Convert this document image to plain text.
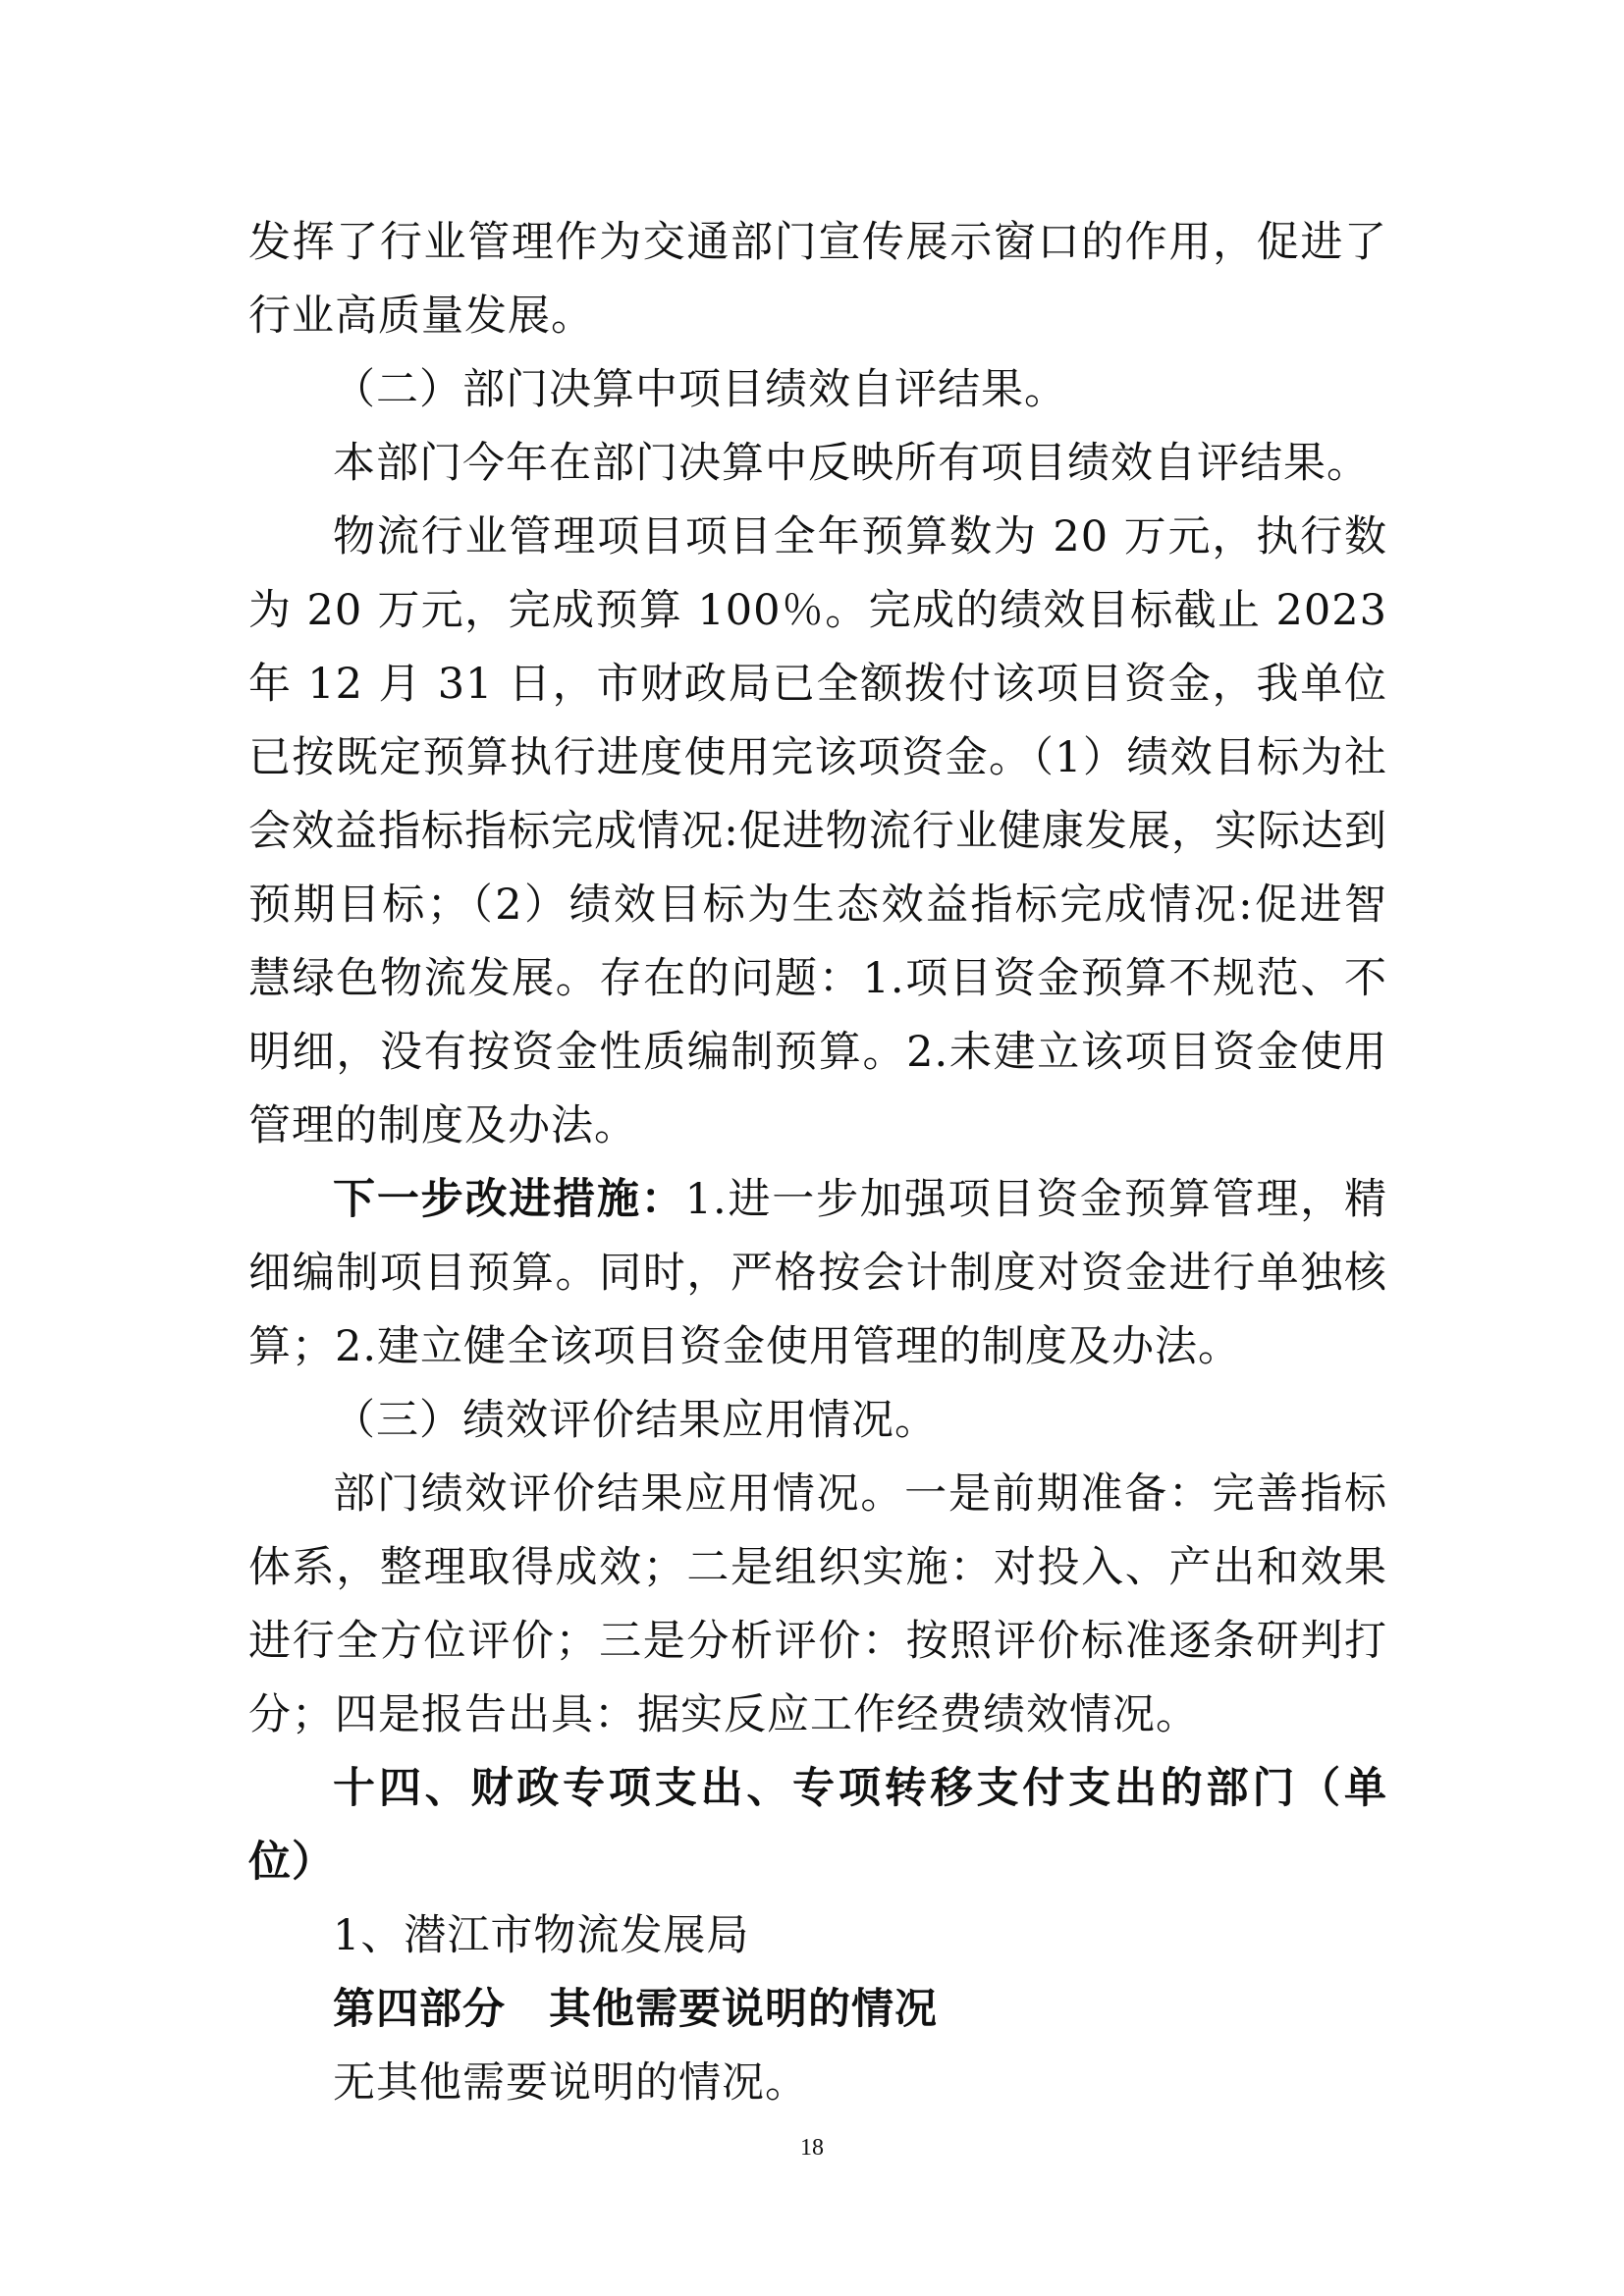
发挥了行业管理作为交通部门宣传展示窗口的作用，促进了行业高质量发展。

（二）部门决算中项目绩效自评结果。

本部门今年在部门决算中反映所有项目绩效自评结果。

物流行业管理项目项目全年预算数为 20 万元，执行数为 20 万元，完成预算 100％。完成的绩效目标截止 2023 年 12 月 31 日，市财政局已全额拨付该项目资金，我单位已按既定预算执行进度使用完该项资金。（1）绩效目标为社会效益指标指标完成情况:促进物流行业健康发展，实际达到预期目标；（2）绩效目标为生态效益指标完成情况:促进智慧绿色物流发展。存在的问题：1.项目资金预算不规范、不明细，没有按资金性质编制预算。2.未建立该项目资金使用管理的制度及办法。

下一步改进措施：1.进一步加强项目资金预算管理，精细编制项目预算。同时，严格按会计制度对资金进行单独核算；2.建立健全该项目资金使用管理的制度及办法。

（三）绩效评价结果应用情况。

部门绩效评价结果应用情况。一是前期准备：完善指标体系，整理取得成效；二是组织实施：对投入、产出和效果进行全方位评价；三是分析评价：按照评价标准逐条研判打分；四是报告出具：据实反应工作经费绩效情况。

十四、财政专项支出、专项转移支付支出的部门（单位）

1、潜江市物流发展局

第四部分　其他需要说明的情况

无其他需要说明的情况。

18
